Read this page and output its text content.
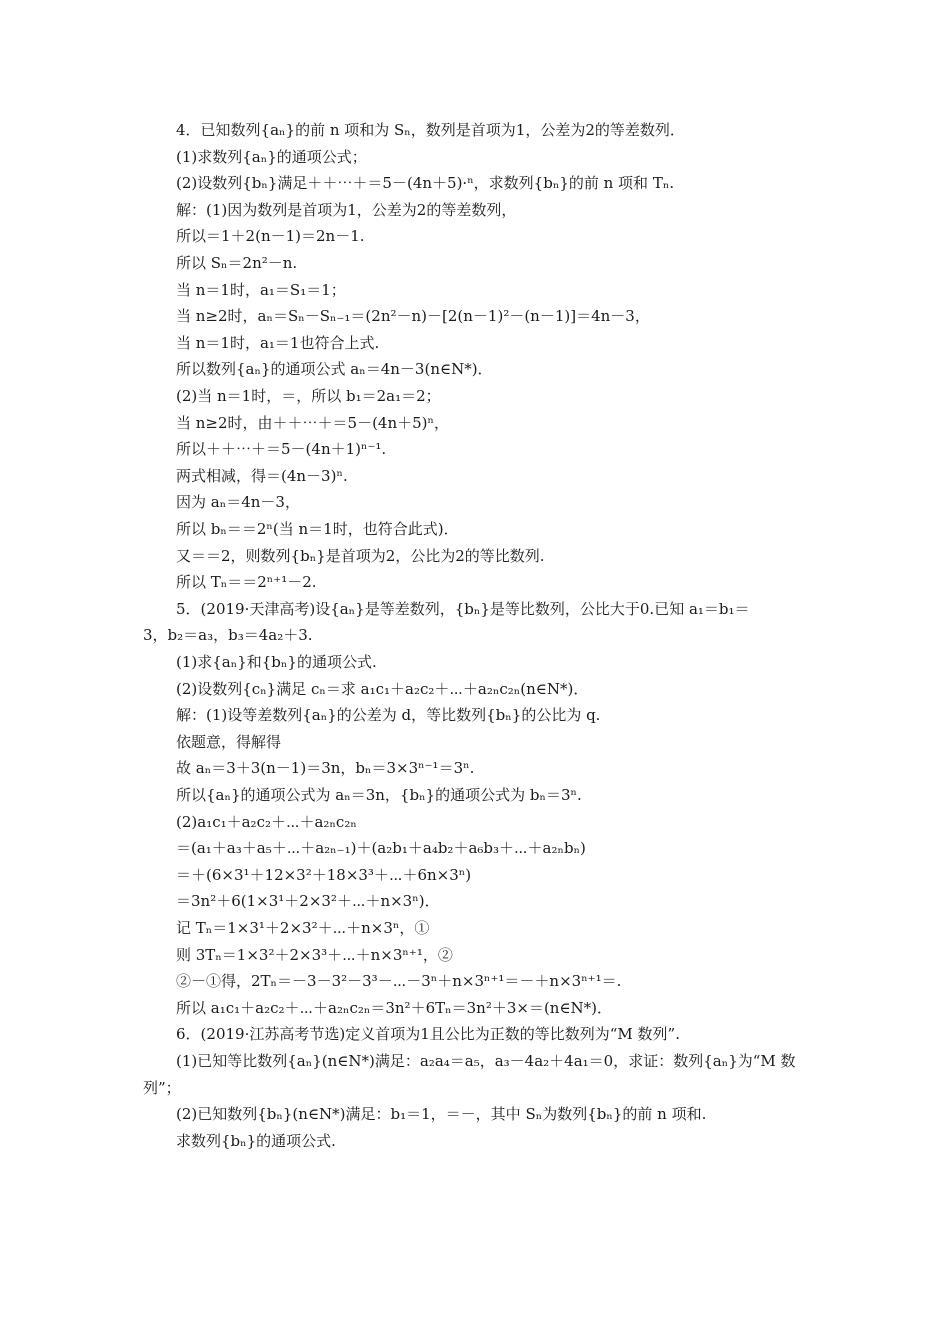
4．已知数列{aₙ}的前 n 项和为 Sₙ，数列是首项为1，公差为2的等差数列．
(1)求数列{aₙ}的通项公式；
(2)设数列{bₙ}满足＋＋⋯＋＝5－(4n＋5)·ⁿ，求数列{bₙ}的前 n 项和 Tₙ.
解：(1)因为数列是首项为1，公差为2的等差数列，
所以＝1＋2(n－1)＝2n－1.
所以 Sₙ＝2n²－n.
当 n＝1时，a₁＝S₁＝1；
当 n≥2时，aₙ＝Sₙ－Sₙ₋₁＝(2n²－n)－[2(n－1)²－(n－1)]＝4n－3，
当 n＝1时，a₁＝1也符合上式.
所以数列{aₙ}的通项公式 aₙ＝4n－3(n∈N*)．
(2)当 n＝1时，＝，所以 b₁＝2a₁＝2；
当 n≥2时，由＋＋⋯＋＝5－(4n＋5)ⁿ，
所以＋＋⋯＋＝5－(4n＋1)ⁿ⁻¹.
两式相减，得＝(4n－3)ⁿ.
因为 aₙ＝4n－3，
所以 bₙ＝＝2ⁿ(当 n＝1时，也符合此式)．
又＝＝2，则数列{bₙ}是首项为2，公比为2的等比数列.
所以 Tₙ＝＝2ⁿ⁺¹－2.
5．(2019·天津高考)设{aₙ}是等差数列，{bₙ}是等比数列，公比大于0.已知 a₁＝b₁＝
3，b₂＝a₃，b₃＝4a₂＋3.
(1)求{aₙ}和{bₙ}的通项公式.
(2)设数列{cₙ}满足 cₙ＝求 a₁c₁＋a₂c₂＋⋯＋a₂ₙc₂ₙ(n∈N*)．
解：(1)设等差数列{aₙ}的公差为 d，等比数列{bₙ}的公比为 q.
依题意，得解得
故 aₙ＝3＋3(n－1)＝3n，bₙ＝3×3ⁿ⁻¹＝3ⁿ.
所以{aₙ}的通项公式为 aₙ＝3n，{bₙ}的通项公式为 bₙ＝3ⁿ.
(2)a₁c₁＋a₂c₂＋⋯＋a₂ₙc₂ₙ
＝(a₁＋a₃＋a₅＋⋯＋a₂ₙ₋₁)＋(a₂b₁＋a₄b₂＋a₆b₃＋⋯＋a₂ₙbₙ)
＝＋(6×3¹＋12×3²＋18×3³＋⋯＋6n×3ⁿ)
＝3n²＋6(1×3¹＋2×3²＋⋯＋n×3ⁿ)．
记 Tₙ＝1×3¹＋2×3²＋⋯＋n×3ⁿ，①
则 3Tₙ＝1×3²＋2×3³＋⋯＋n×3ⁿ⁺¹，②
②－①得，2Tₙ＝－3－3²－3³－⋯－3ⁿ＋n×3ⁿ⁺¹＝－＋n×3ⁿ⁺¹＝.
所以 a₁c₁＋a₂c₂＋⋯＋a₂ₙc₂ₙ＝3n²＋6Tₙ＝3n²＋3×＝(n∈N*)．
6．(2019·江苏高考节选)定义首项为1且公比为正数的等比数列为“M 数列”.
(1)已知等比数列{aₙ}(n∈N*)满足：a₂a₄＝a₅，a₃－4a₂＋4a₁＝0，求证：数列{aₙ}为“M 数
列”；
(2)已知数列{bₙ}(n∈N*)满足：b₁＝1，＝－，其中 Sₙ为数列{bₙ}的前 n 项和.
求数列{bₙ}的通项公式.
